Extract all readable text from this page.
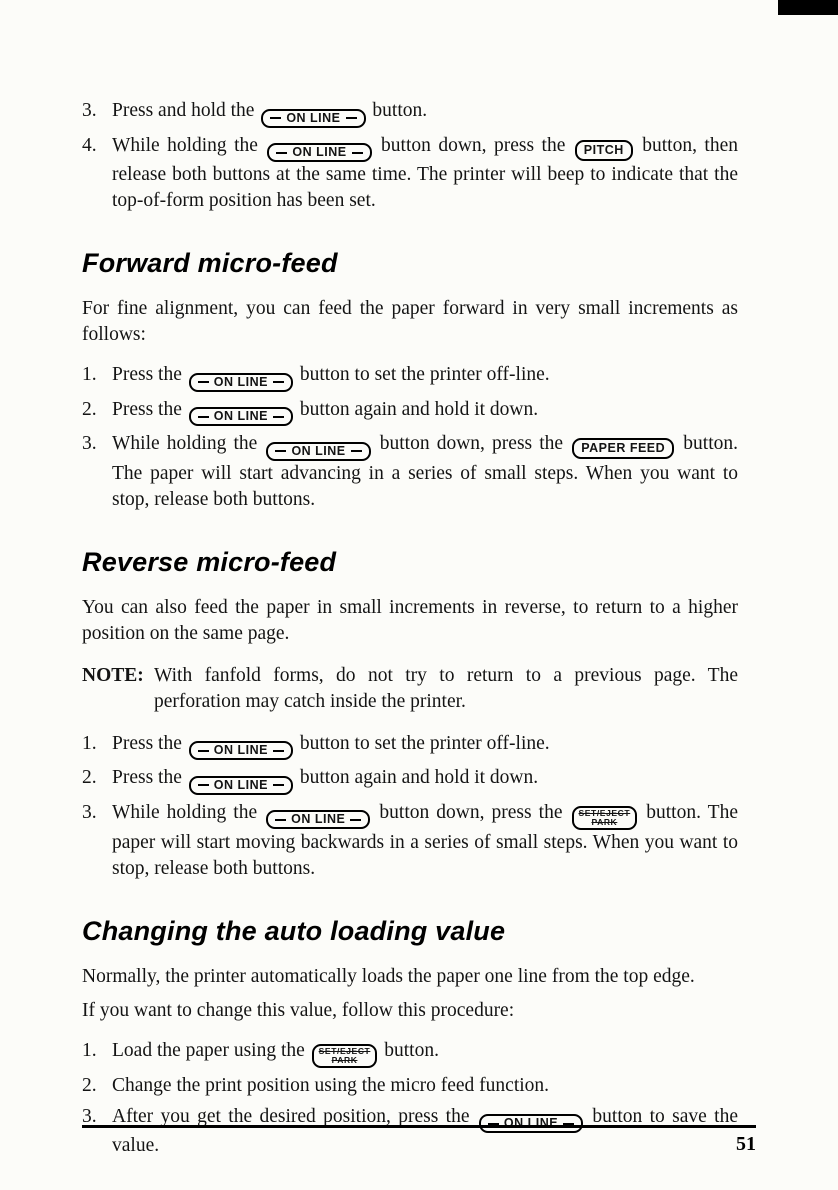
3. Press and hold the ON LINE button.
4. While holding the ON LINE button down, press the PITCH button, then release both buttons at the same time. The printer will beep to indicate that the top-of-form position has been set.
Forward micro-feed

For fine alignment, you can feed the paper forward in very small increments as follows:

1. Press the ON LINE button to set the printer off-line.
2. Press the ON LINE button again and hold it down.
3. While holding the ON LINE button down, press the PAPER FEED button. The paper will start advancing in a series of small steps. When you want to stop, release both buttons.
Reverse micro-feed

You can also feed the paper in small increments in reverse, to return to a higher position on the same page.

NOTE: With fanfold forms, do not try to return to a previous page. The perforation may catch inside the printer.
1. Press the ON LINE button to set the printer off-line.
2. Press the ON LINE button again and hold it down.
3. While holding the ON LINE button down, press the SET/EJECT
PARK	button. The paper will start moving backwards in a series of small steps. When you want to stop, release both buttons.
Changing the auto loading value

Normally, the printer automatically loads the paper one line from the top edge.

If you want to change this value, follow this procedure:

1. Load the paper using the SET/EJECT
PARK	button.
2. Change the print position using the micro feed function.
3. After you get the desired position, press the ON LINE button to save the value.	51
